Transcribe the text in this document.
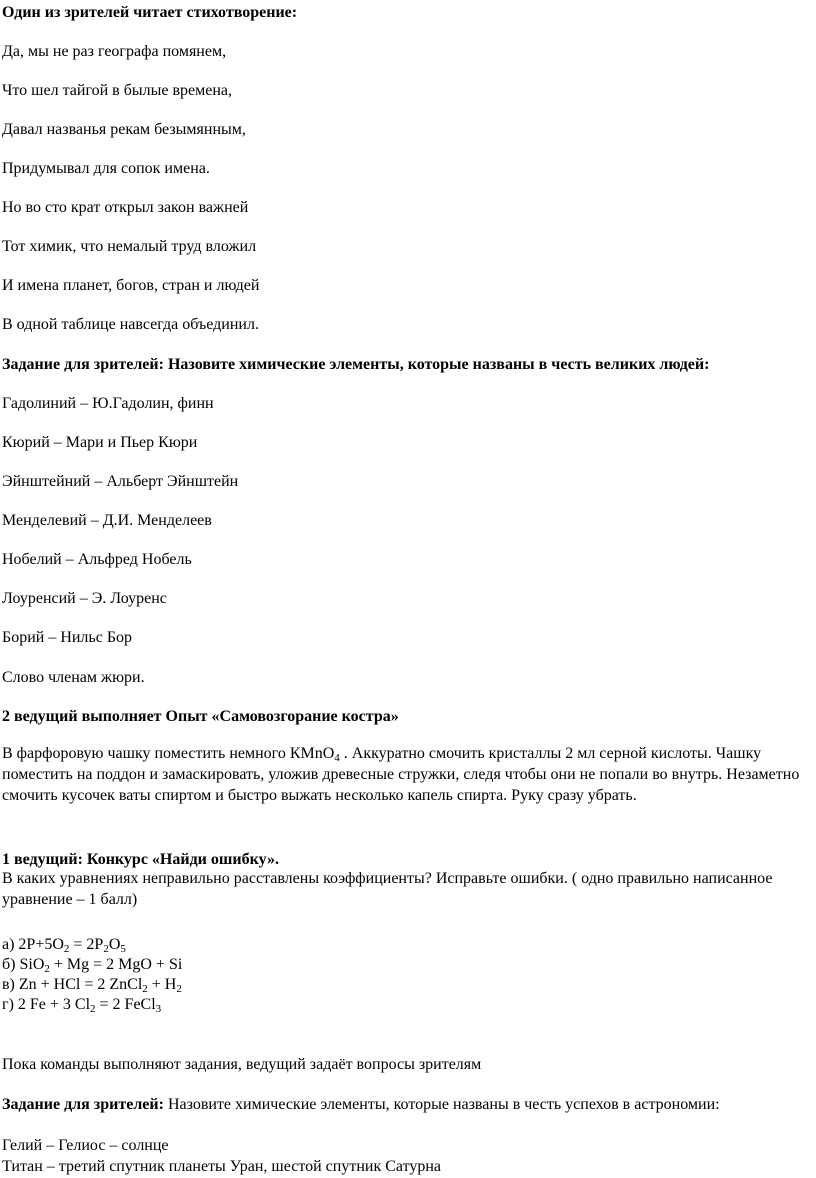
Один из зрителей читает стихотворение:
Да, мы не раз географа помянем,
Что шел тайгой в былые времена,
Давал названья рекам безымянным,
Придумывал для сопок имена.
Но во сто крат открыл закон важней
Тот химик, что немалый труд вложил
И имена планет, богов, стран и людей
В одной таблице навсегда объединил.
Задание для зрителей: Назовите химические элементы, которые названы в честь великих людей:
Гадолиний – Ю.Гадолин, финн
Кюрий – Мари и Пьер Кюри
Эйнштейний – Альберт Эйнштейн
Менделевий – Д.И. Менделеев
Нобелий – Альфред Нобель
Лоуренсий – Э. Лоуренс
Борий – Нильс Бор
Слово членам жюри.
2 ведущий выполняет Опыт «Самовозгорание костра»
В фарфоровую чашку поместить немного КMnO$_4$ . Аккуратно смочить кристаллы 2 мл серной кислоты. Чашку поместить на поддон и замаскировать, уложив древесные стружки, следя чтобы они не попали во внутрь. Незаметно смочить кусочек ваты спиртом и быстро выжать несколько капель спирта. Руку сразу убрать.
1 ведущий: Конкурс «Найди ошибку».
В каких уравнениях неправильно расставлены коэффициенты? Исправьте ошибки. ( одно правильно написанное уравнение – 1 балл)
а) $2P+5O_2 = 2P_2O_5$
б) SiO$_2$ + Mg = 2 MgO + Si
в) Zn + HCl = 2 ZnCl$_2$ + $H_2$
г) 2 Fe + 3 $Cl_2 = 2$ FeCl$_3$
Пока команды выполняют задания, ведущий задаёт вопросы зрителям
Задание для зрителей: Назовите химические элементы, которые названы в честь успехов в астрономии:
Гелий – Гелиос – солнце
Титан – третий спутник планеты Уран, шестой спутник Сатурна
